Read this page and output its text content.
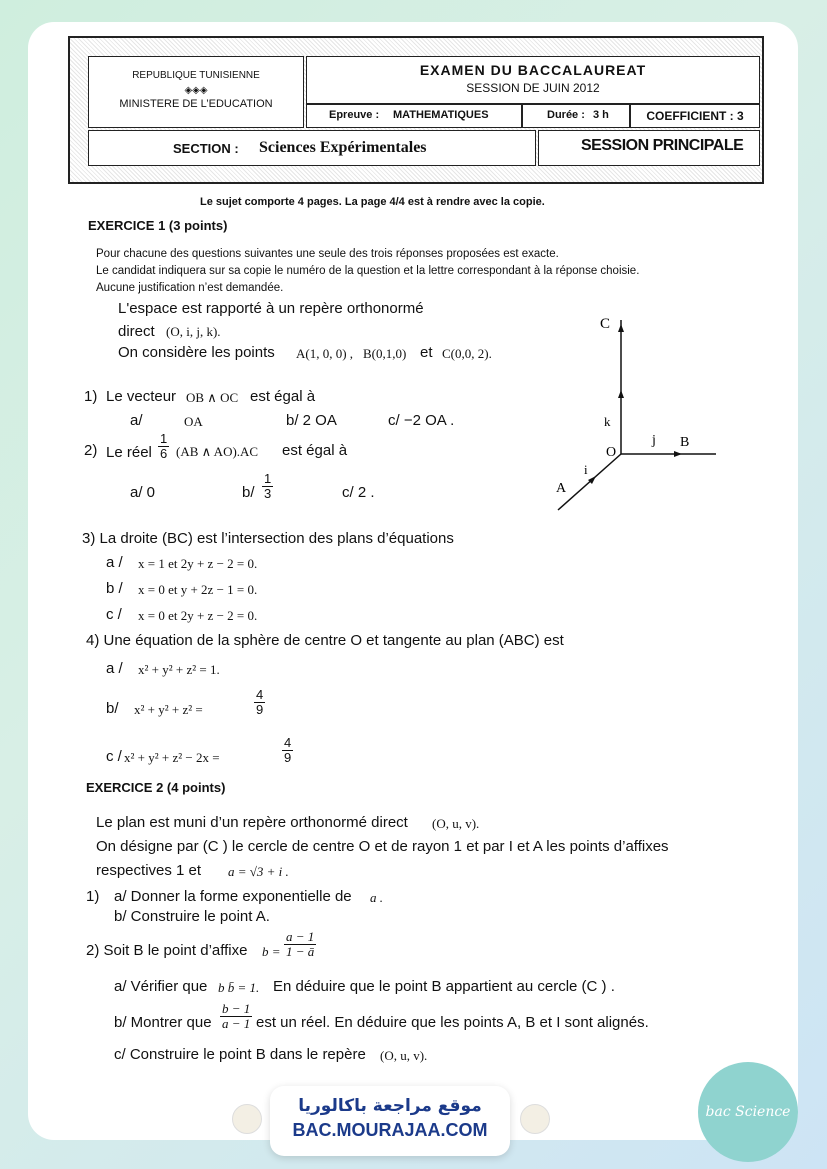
REPUBLIQUE TUNISIENNE
◈◈◈
MINISTERE DE L’EDUCATION
EXAMEN DU BACCALAUREAT
SESSION DE JUIN 2012
Epreuve : MATHEMATIQUES	Durée : 3 h	COEFFICIENT : 3
SECTION : Sciences Expérimentales	SESSION PRINCIPALE
Le sujet comporte 4 pages. La page 4/4 est à rendre avec la copie.
EXERCICE 1 (3 points)
Pour chacune des questions suivantes une seule des trois réponses proposées est exacte.
Le candidat indiquera sur sa copie le numéro de la question et la lettre correspondant à la réponse choisie.
Aucune justification n’est demandée.
L'espace est rapporté à un repère orthonormé
direct (O, i, j, k).
On considère les points A(1, 0, 0) , B(0,1,0) et C(0,0, 2).
1) Le vecteur OB ∧ OC est égal à
a/	OA	b/ 2 OA	c/ −2 OA .
2) Le réel $\frac{1}{6} (AB$ ∧ AO).AC est égal à
a/ 0	$b/ \frac{1}{3}$	c/ 2 .
3) La droite (BC) est l’intersection des plans d’équations
a / x = 1 et 2y + z − 2 = 0.
b / x = 0 et y + 2z − 1 = 0.
c / x = 0 et 2y + z − 2 = 0.
4) Une équation de la sphère de centre O et tangente au plan (ABC) est
a / x² + y² + z² = 1.
b/ x² + y² + z² =	$\frac{4}{9}$
c / x² + y² + z² − 2x =	$\frac{4}{9}$
C
k
O
j B
i
A
EXERCICE 2 (4 points)
Le plan est muni d’un repère orthonormé direct (O, u, v).
On désigne par (C ) le cercle de centre O et de rayon 1 et par I et A les points d’affixes
respectives 1 et a = √3 + i .
1) a/ Donner la forme exponentielle de a .
b/ Construire le point A.
2) Soit B le point d’affixe $b = \frac{a - 1}{1 - ā}$
a/ Vérifier que b b̄ = 1. En déduire que le point B appartient au cercle (C ) .
b/ Montrer que $\frac{b - 1}{a - 1}$ est un réel. En déduire que les points A, B et I sont alignés.
c/ Construire le point B dans le repère (O, u, v).
موقع مراجعة باكالوريا
BAC.MOURAJAA.COM
bac Science
